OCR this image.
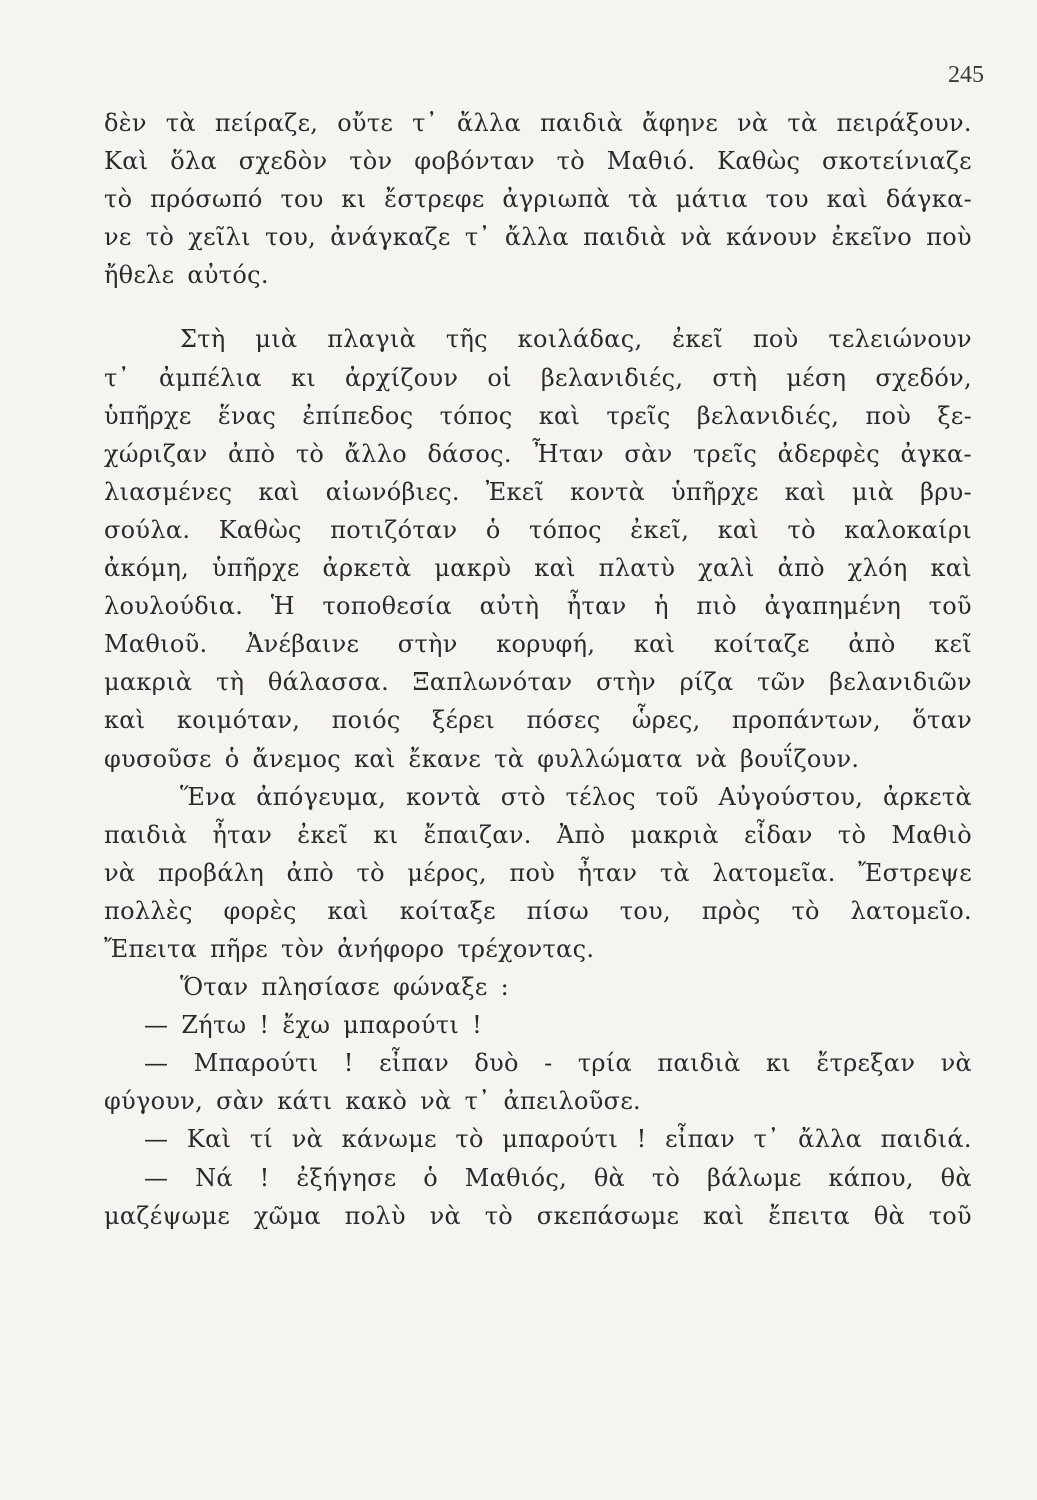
245
δὲν τὰ πείραζε, οὔτε τ᾿ ἄλλα παιδιὰ ἄφηνε νὰ τὰ πειράξουν.
Καὶ ὅλα σχεδὸν τὸν φοβόνταν τὸ Μαθιό. Καθὼς σκοτείνιαζε
τὸ πρόσωπό του κι ἔστρεφε ἀγριωπὰ τὰ μάτια του καὶ δάγκα-
νε τὸ χεῖλι του, ἀνάγκαζε τ᾿ ἄλλα παιδιὰ νὰ κάνουν ἐκεῖνο ποὺ
ἤθελε αὐτός.
Στὴ μιὰ πλαγιὰ τῆς κοιλάδας, ἐκεῖ ποὺ τελειώνουν
τ᾿ ἀμπέλια κι ἀρχίζουν οἱ βελανιδιές, στὴ μέση σχεδόν,
ὑπῆρχε ἕνας ἐπίπεδος τόπος καὶ τρεῖς βελανιδιές, ποὺ ξε-
χώριζαν ἀπὸ τὸ ἄλλο δάσος. Ἦταν σὰν τρεῖς ἀδερφὲς ἀγκα-
λιασμένες καὶ αἰωνόβιες. Ἐκεῖ κοντὰ ὑπῆρχε καὶ μιὰ βρυ-
σούλα. Καθὼς ποτιζόταν ὁ τόπος ἐκεῖ, καὶ τὸ καλοκαίρι
ἀκόμη, ὑπῆρχε ἀρκετὰ μακρὺ καὶ πλατὺ χαλὶ ἀπὸ χλόη καὶ
λουλούδια. Ἡ τοποθεσία αὐτὴ ἦταν ἡ πιὸ ἀγαπημένη τοῦ
Μαθιοῦ. Ἀνέβαινε στὴν κορυφή, καὶ κοίταζε ἀπὸ κεῖ
μακριὰ τὴ θάλασσα. Ξαπλωνόταν στὴν ρίζα τῶν βελανιδιῶν
καὶ κοιμόταν, ποιός ξέρει πόσες ὧρες, προπάντων, ὅταν
φυσοῦσε ὁ ἄνεμος καὶ ἔκανε τὰ φυλλώματα νὰ βουΐζουν.
Ἕνα ἀπόγευμα, κοντὰ στὸ τέλος τοῦ Αὐγούστου, ἀρκετὰ
παιδιὰ ἦταν ἐκεῖ κι ἔπαιζαν. Ἀπὸ μακριὰ εἶδαν τὸ Μαθιὸ
νὰ προβάλη ἀπὸ τὸ μέρος, ποὺ ἦταν τὰ λατομεῖα. Ἔστρεψε
πολλὲς φορὲς καὶ κοίταξε πίσω του, πρὸς τὸ λατομεῖο.
Ἔπειτα πῆρε τὸν ἀνήφορο τρέχοντας.
Ὅταν πλησίασε φώναξε :
— Ζήτω ! ἔχω μπαρούτι !
— Μπαρούτι ! εἶπαν δυὸ - τρία παιδιὰ κι ἔτρεξαν νὰ
φύγουν, σὰν κάτι κακὸ νὰ τ᾿ ἀπειλοῦσε.
— Καὶ τί νὰ κάνωμε τὸ μπαρούτι ! εἶπαν τ᾿ ἄλλα παιδιά.
— Νά ! ἐξήγησε ὁ Μαθιός, θὰ τὸ βάλωμε κάπου, θὰ
μαζέψωμε χῶμα πολὺ νὰ τὸ σκεπάσωμε καὶ ἔπειτα θὰ τοῦ
